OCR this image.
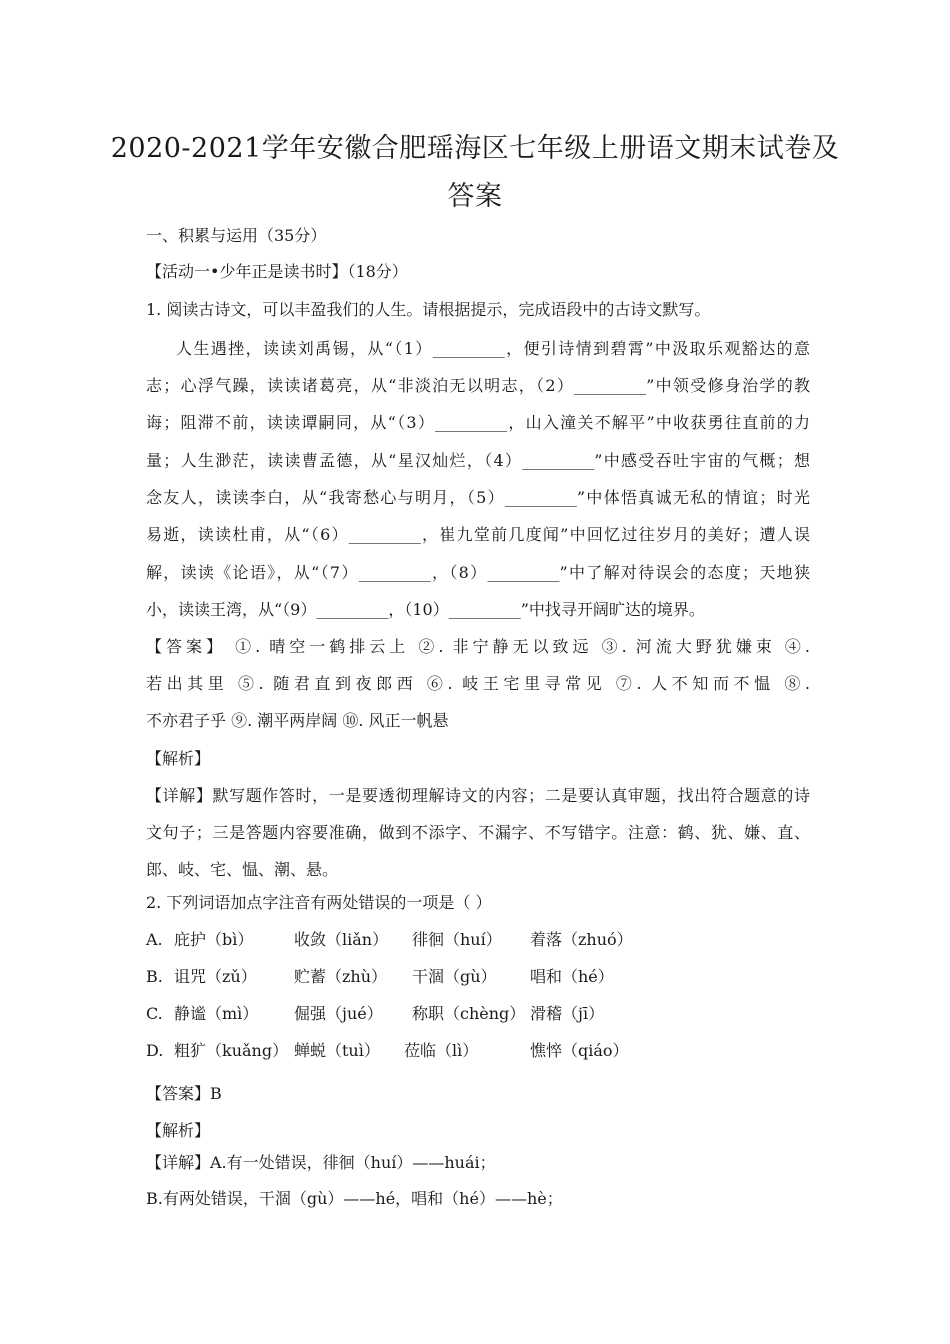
2020-2021学年安徽合肥瑶海区七年级上册语文期末试卷及
答案
一、积累与运用（35分）
【活动一•少年正是读书时】（18分）
1. 阅读古诗文，可以丰盈我们的人生。请根据提示，完成语段中的古诗文默写。
人生遇挫，读读刘禹锡，从“（1）_________，便引诗情到碧霄”中汲取乐观豁达的意
志；心浮气躁，读读诸葛亮，从“非淡泊无以明志，（2）_________”中领受修身治学的教
诲；阻滞不前，读读谭嗣同，从“（3）_________，山入潼关不解平”中收获勇往直前的力
量；人生渺茫，读读曹孟德，从“星汉灿烂，（4）_________”中感受吞吐宇宙的气概；想
念友人，读读李白，从“我寄愁心与明月，（5）_________”中体悟真诚无私的情谊；时光
易逝，读读杜甫，从“（6）_________，崔九堂前几度闻”中回忆过往岁月的美好；遭人误
解，读读《论语》，从“（7）_________，（8）_________”中了解对待误会的态度；天地狭
小，读读王湾，从“（9）_________，（10）_________”中找寻开阔旷达的境界。
【答案】 ①. 晴空一鹤排云上 ②. 非宁静无以致远 ③. 河流大野犹嫌束 ④.
若出其里 ⑤. 随君直到夜郎西 ⑥. 岐王宅里寻常见 ⑦. 人不知而不愠 ⑧.
不亦君子乎 ⑨. 潮平两岸阔 ⑩. 风正一帆悬
【解析】
【详解】默写题作答时，一是要透彻理解诗文的内容；二是要认真审题，找出符合题意的诗
文句子；三是答题内容要准确，做到不添字、不漏字、不写错字。注意：鹤、犹、嫌、直、
郎、岐、宅、愠、潮、悬。
2. 下列词语加点字注音有两处错误的一项是（ ）
A. 庇护（bì）	收敛（liǎn） 徘徊（huí） 着落（zhuó）
B. 诅咒（zǔ） 贮蓄（zhù） 干涸（gù） 唱和（hé）
C. 静谧（mì） 倔强（jué） 称职（chèng） 滑稽（jī）
D. 粗犷（kuǎng） 蝉蜕（tuì） 莅临（lì）	憔悴（qiáo）
【答案】B
【解析】
【详解】A.有一处错误，徘徊（huí）——huái；
B.有两处错误，干涸（gù）——hé，唱和（hé）——hè；
